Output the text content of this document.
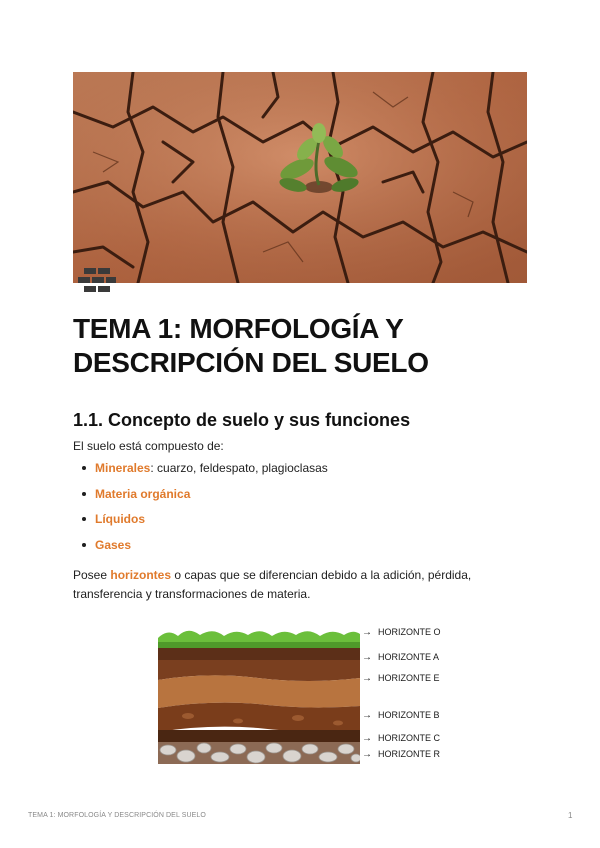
TEMA 1: MORFOLOGÍA Y
DESCRIPCIÓN DEL SUELO
1.1. Concepto de suelo y sus funciones

El suelo está compuesto de:

Minerales: cuarzo, feldespato, plagioclasas
Materia orgánica
Líquidos
Gases

Posee horizontes o capas que se diferencian debido a la adición, pérdida, transferencia y transformaciones de materia.

→ HORIZONTE O
→ HORIZONTE A
→ HORIZONTE E
→ HORIZONTE B
→ HORIZONTE C
→ HORIZONTE R
TEMA 1: MORFOLOGÍA Y DESCRIPCIÓN DEL SUELO	1
